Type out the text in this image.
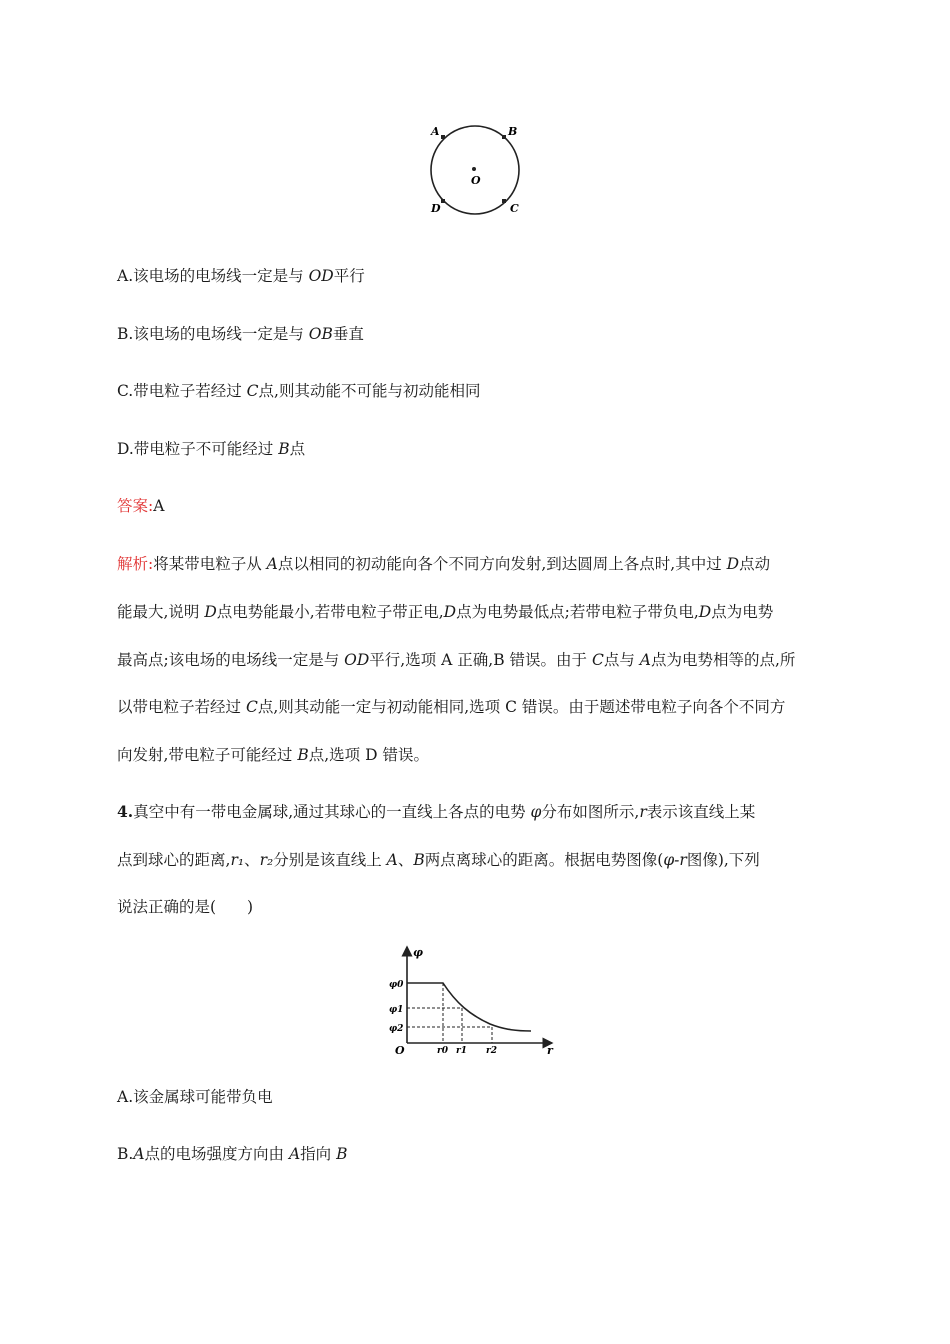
A	B
O
D	C

A.该电场的电场线一定是与 OD平行

B.该电场的电场线一定是与 OB垂直

C.带电粒子若经过 C点,则其动能不可能与初动能相同

D.带电粒子不可能经过 B点

答案:A

解析:将某带电粒子从 A点以相同的初动能向各个不同方向发射,到达圆周上各点时,其中过 D点动

能最大,说明 D点电势能最小,若带电粒子带正电,D点为电势最低点;若带电粒子带负电,D点为电势

最高点;该电场的电场线一定是与 OD平行,选项 A 正确,B 错误。由于 C点与 A点为电势相等的点,所

以带电粒子若经过 C点,则其动能一定与初动能相同,选项 C 错误。由于题述带电粒子向各个不同方

向发射,带电粒子可能经过 B点,选项 D 错误。

4.真空中有一带电金属球,通过其球心的一直线上各点的电势 φ分布如图所示,r表示该直线上某

点到球心的距离,r₁、r₂分别是该直线上 A、B两点离球心的距离。根据电势图像(φ-r图像),下列

说法正确的是(　　)

φ
r
O
φ0
φ1
φ2
r0 r1 r2

A.该金属球可能带负电

B.A点的电场强度方向由 A指向 B
